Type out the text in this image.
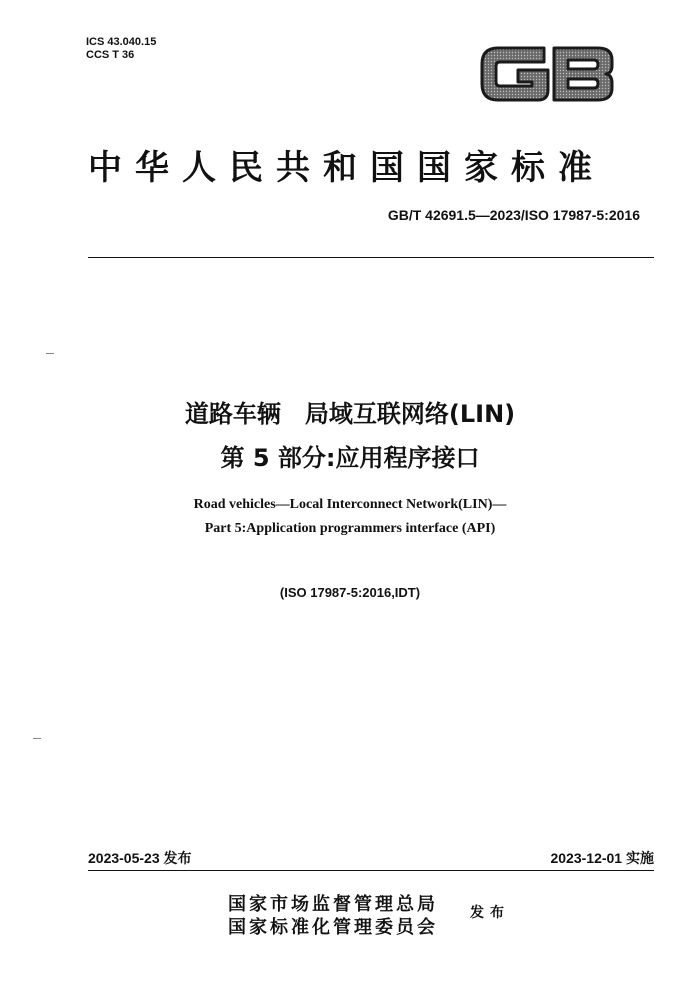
ICS 43.040.15
CCS T 36
中华人民共和国国家标准
GB/T 42691.5—2023/ISO 17987-5:2016
道路车辆　局域互联网络(LIN)
第 5 部分:应用程序接口
Road vehicles—Local Interconnect Network(LIN)—
Part 5:Application programmers interface (API)
(ISO 17987-5:2016,IDT)
2023-05-23 发布	2023-12-01 实施
国家市场监督管理总局
国家标准化管理委员会
发布
